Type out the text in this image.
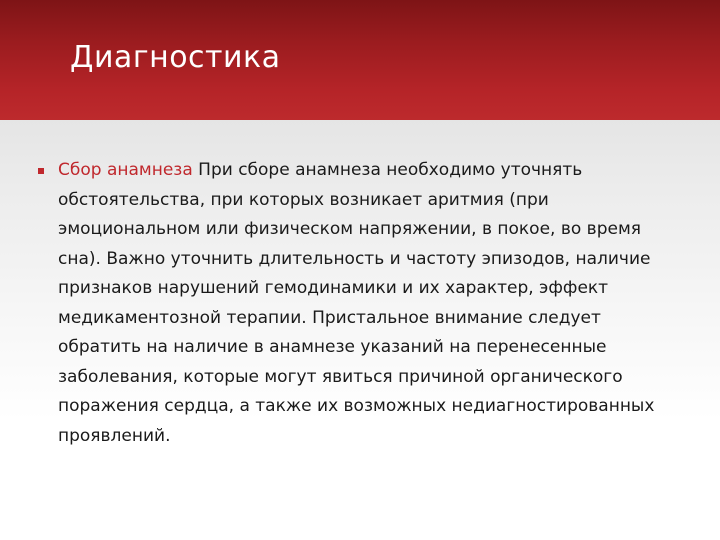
Диагностика
Сбор анамнеза При сборе анамнеза необходимо уточнять обстоятельства, при которых возникает аритмия (при эмоциональном или физическом напряжении, в покое, во время сна). Важно уточнить длительность и частоту эпизодов, наличие признаков нарушений гемодинамики и их характер, эффект медикаментозной терапии. Пристальное внимание следует обратить на наличие в анамнезе указаний на перенесенные заболевания, которые могут явиться причиной органического поражения сердца, а также их возможных недиагностированных проявлений.
